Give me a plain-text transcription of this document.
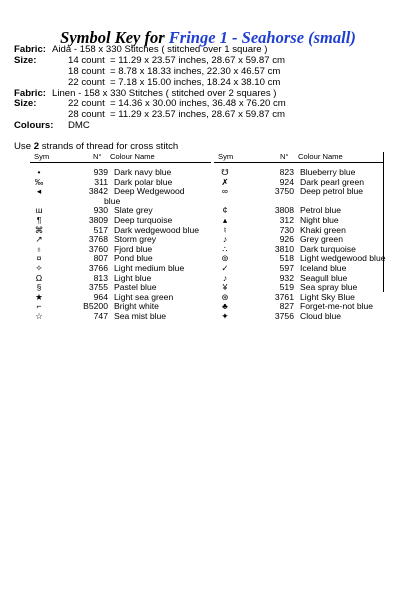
Symbol Key for Fringe 1 - Seahorse (small)
Fabric: Aida - 158 x 330 Stitches ( stitched over 1 square )
Size:	14 count = 11.29 x 23.57 inches, 28.67 x 59.87 cm
18 count = 8.78 x 18.33 inches, 22.30 x 46.57 cm
22 count = 7.18 x 15.00 inches, 18.24 x 38.10 cm
Fabric: Linen - 158 x 330 Stitches ( stitched over 2 squares )
Size:	22 count = 14.36 x 30.00 inches, 36.48 x 76.20 cm
28 count = 11.29 x 23.57 inches, 28.67 x 59.87 cm
Colours: DMC
Use 2 strands of thread for cross stitch
Sym	N° Colour Name	Sym	N° Colour Name
•	939 Dark navy blue
‰	311 Dark polar blue
◂	3842 Deep Wedgewood
blue
ɯ	930 Slate grey
¶	3809 Deep turquoise
⌘	517 Dark wedgewood blue
↗	3768 Storm grey
♁	3760 Fjord blue
¤	807 Pond blue
✧	3766 Light medium blue
Ω	813 Light blue
§	3755 Pastel blue
★	964 Light sea green
⌐	B5200 Bright white
☆	747 Sea mist blue
☋	823 Blueberry blue
✗	924 Dark pearl green
∞	3750 Deep petrol blue
¢	3808 Petrol blue
▴	312 Night blue
♮	730 Khaki green
♪	926 Grey green
∴	3810 Dark turquoise
⊚	518 Light wedgewood blue
✓	597 Iceland blue
♪	932 Seagull blue
¥	519 Sea spray blue
⊛	3761 Light Sky Blue
♣	827 Forget-me-not blue
✦	3756 Cloud blue
